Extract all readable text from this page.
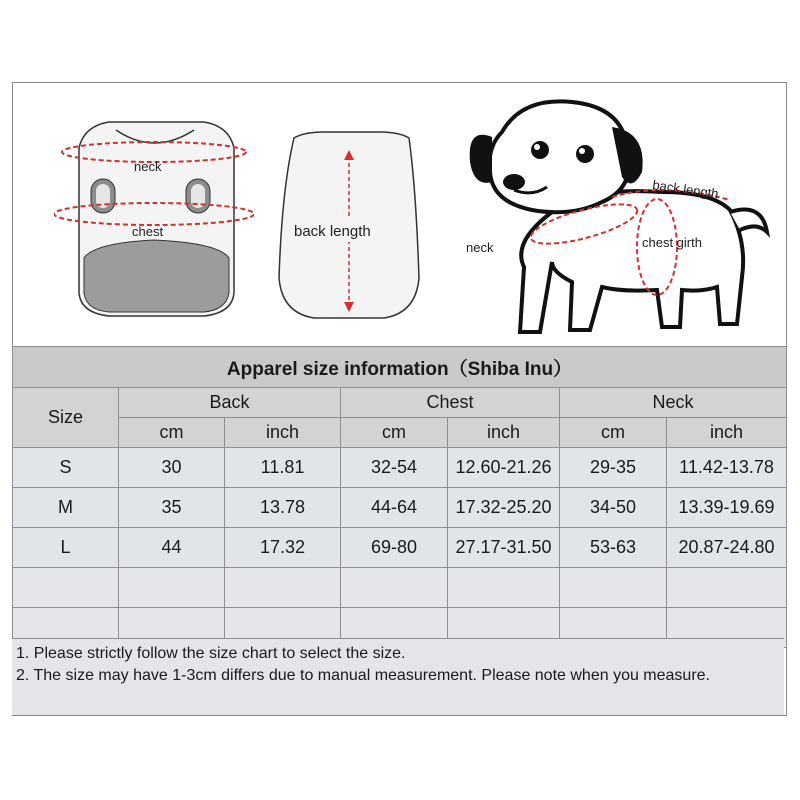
neck
chest	back length
back length
neck	chest girth
Apparel size information（Shiba Inu）						
Size	Back		Chest		Neck	
	cm	inch	cm	inch	cm	inch
S	30	11.81	32-54	12.60-21.26	29-35	11.42-13.78
M	35	13.78	44-64	17.32-25.20	34-50	13.39-19.69
L	44	17.32	69-80	27.17-31.50	53-63	20.87-24.80

1. Please strictly follow the size chart to select the size.
2. The size may have 1-3cm differs due to manual measurement. Please note when you measure.
